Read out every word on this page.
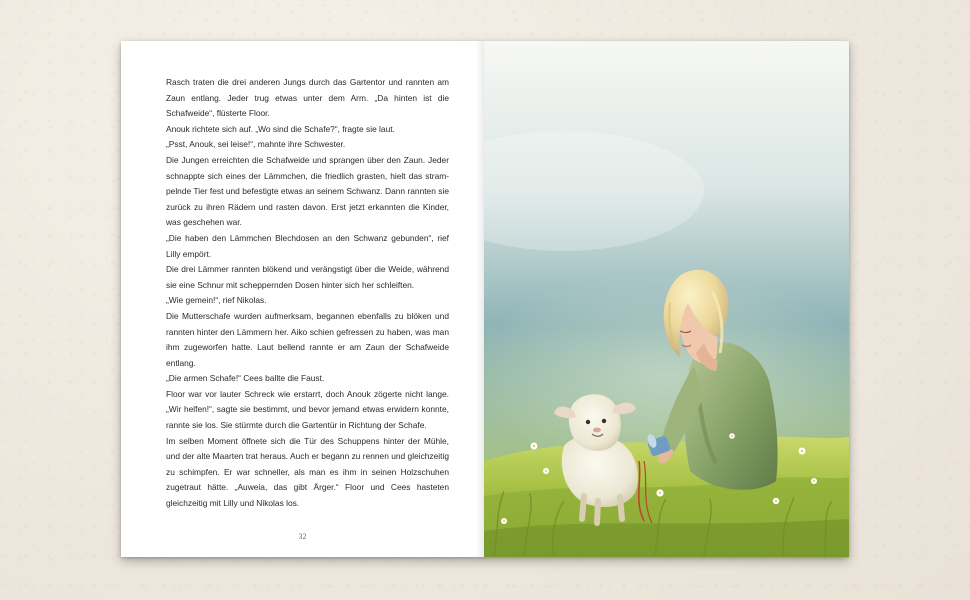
Rasch traten die drei anderen Jungs durch das Gartentor und rannten am Zaun entlang. Jeder trug etwas unter dem Arm. „Da hinten ist die Schafweide“, flüsterte Floor.

Anouk richtete sich auf. „Wo sind die Schafe?“, fragte sie laut.

„Psst, Anouk, sei leise!“, mahnte ihre Schwester.

Die Jungen erreichten die Schafweide und sprangen über den Zaun. Jeder schnappte sich eines der Lämmchen, die friedlich grasten, hielt das stram-pelnde Tier fest und befestigte etwas an seinem Schwanz. Dann rannten sie zurück zu ihren Rädern und rasten davon. Erst jetzt erkannten die Kinder, was geschehen war.

„Die haben den Lämmchen Blechdosen an den Schwanz gebunden“, rief Lilly empört.

Die drei Lämmer rannten blökend und verängstigt über die Weide, während sie eine Schnur mit scheppernden Dosen hinter sich her schleiften.

„Wie gemein!“, rief Nikolas.

Die Mutterschafe wurden aufmerksam, begannen ebenfalls zu blöken und rannten hinter den Lämmern her. Aiko schien gefressen zu haben, was man ihm zugeworfen hatte. Laut bellend rannte er am Zaun der Schafweide entlang.

„Die armen Schafe!“ Cees ballte die Faust.

Floor war vor lauter Schreck wie erstarrt, doch Anouk zögerte nicht lange. „Wir helfen!“, sagte sie bestimmt, und bevor jemand etwas erwidern konnte, rannte sie los. Sie stürmte durch die Gartentür in Richtung der Schafe.

Im selben Moment öffnete sich die Tür des Schuppens hinter der Mühle, und der alte Maarten trat heraus. Auch er begann zu rennen und gleichzeitig zu schimpfen. Er war schneller, als man es ihm in seinen Holzschuhen zugetraut hätte. „Auweia, das gibt Ärger.“ Floor und Cees hasteten gleichzeitig mit Lilly und Nikolas los.

32
